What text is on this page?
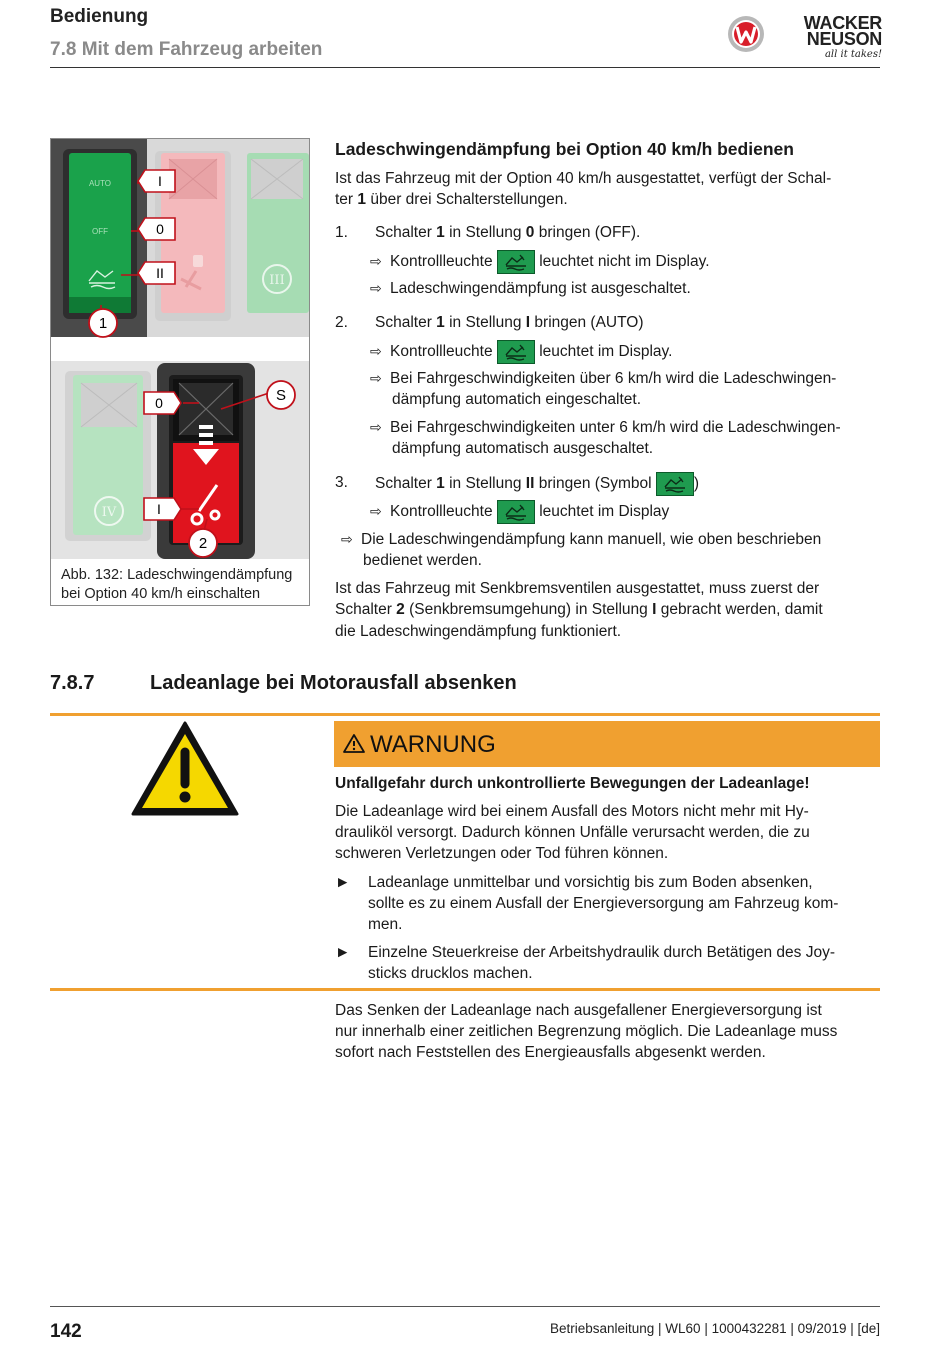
Bedienung
7.8 Mit dem Fahrzeug arbeiten
WACKER
NEUSON
all it takes!
AUTO
OFF
III
IV
I
0
II
1
0	S
I
2
Abb. 132: Ladeschwingendämpfung
bei Option 40 km/h einschalten
Ladeschwingendämpfung bei Option 40 km/h bedienen
Ist das Fahrzeug mit der Option 40 km/h ausgestattet, verfügt der Schal-
ter 1 über drei Schalterstellungen.
1. Schalter 1 in Stellung 0 bringen (OFF).
⇨ Kontrollleuchte	leuchtet nicht im Display.
⇨ Ladeschwingendämpfung ist ausgeschaltet.
2. Schalter 1 in Stellung I bringen (AUTO)
⇨ Kontrollleuchte	leuchtet im Display.
⇨ Bei Fahrgeschwindigkeiten über 6 km/h wird die Ladeschwingen-
dämpfung automatich eingeschaltet.
⇨ Bei Fahrgeschwindigkeiten unter 6 km/h wird die Ladeschwingen-
dämpfung automatisch ausgeschaltet.
3. Schalter 1 in Stellung II bringen (Symbol	)
⇨ Kontrollleuchte	leuchtet im Display
⇨ Die Ladeschwingendämpfung kann manuell, wie oben beschrieben
bedienet werden.
Ist das Fahrzeug mit Senkbremsventilen ausgestattet, muss zuerst der
Schalter 2 (Senkbremsumgehung) in Stellung I gebracht werden, damit
die Ladeschwingendämpfung funktioniert.
7.8.7	Ladeanlage bei Motorausfall absenken
WARNUNG
Unfallgefahr durch unkontrollierte Bewegungen der Ladeanlage!
Die Ladeanlage wird bei einem Ausfall des Motors nicht mehr mit Hy-
drauliköl versorgt. Dadurch können Unfälle verursacht werden, die zu
schweren Verletzungen oder Tod führen können.
► Ladeanlage unmittelbar und vorsichtig bis zum Boden absenken,
sollte es zu einem Ausfall der Energieversorgung am Fahrzeug kom-
men.
► Einzelne Steuerkreise der Arbeitshydraulik durch Betätigen des Joy-
sticks drucklos machen.
Das Senken der Ladeanlage nach ausgefallener Energieversorgung ist
nur innerhalb einer zeitlichen Begrenzung möglich. Die Ladeanlage muss
sofort nach Feststellen des Energieausfalls abgesenkt werden.
142	Betriebsanleitung | WL60 | 1000432281 | 09/2019 | [de]
